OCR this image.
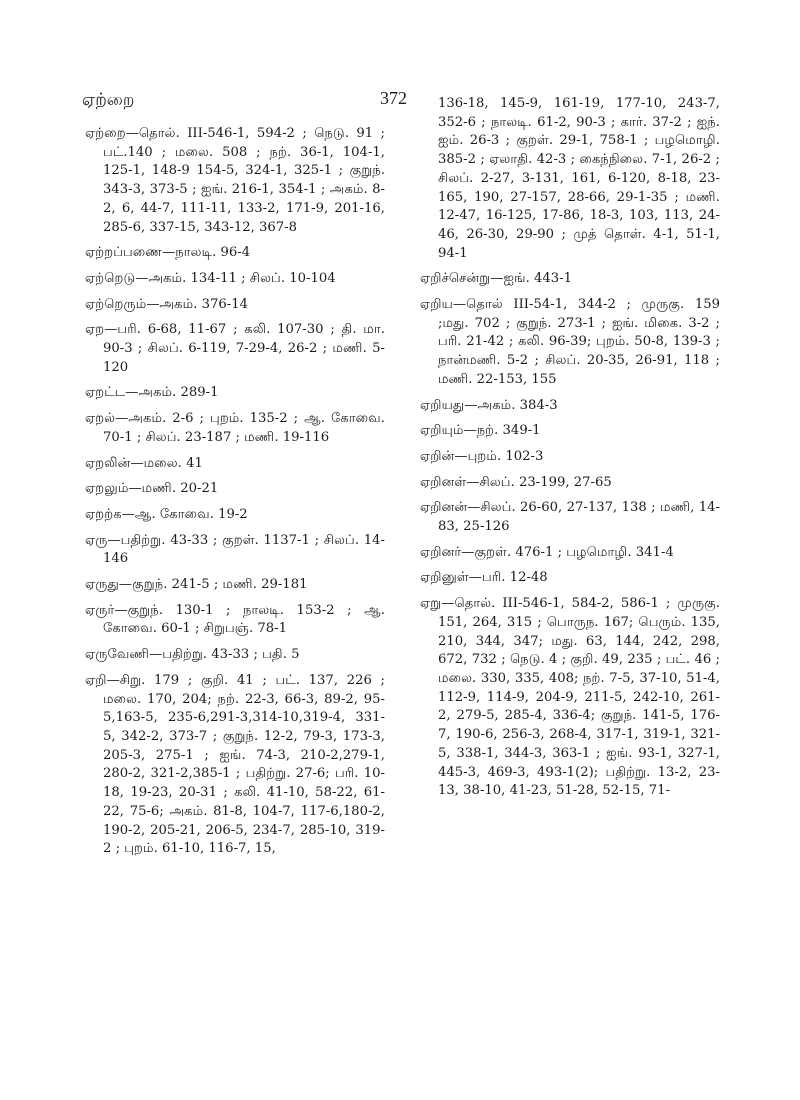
ஏற்றை	372

ஏற்றை—தொல். III-546-1, 594-2 ; நெடு. 91 ; பட்.140 ; மலை. 508 ; நற். 36-1, 104-1, 125-1, 148-9 154-5, 324-1, 325-1 ; குறுந். 343-3, 373-5 ; ஐங். 216-1, 354-1 ; அகம். 8-2, 6, 44-7, 111-11, 133-2, 171-9, 201-16, 285-6, 337-15, 343-12, 367-8

ஏற்றப்பணை—நாலடி. 96-4

ஏற்றெடு—அகம். 134-11 ; சிலப். 10-104

ஏற்றெரும்—அகம். 376-14

ஏற—பரி. 6-68, 11-67 ; கலி. 107-30 ; தி. மா. 90-3 ; சிலப். 6-119, 7-29-4, 26-2 ; மணி. 5-120

ஏறட்ட—அகம். 289-1

ஏறல்—அகம். 2-6 ; புறம். 135-2 ; ஆ. கோவை. 70-1 ; சிலப். 23-187 ; மணி. 19-116

ஏறலின்—மலை. 41

ஏறலும்—மணி. 20-21

ஏறற்க—ஆ. கோவை. 19-2

ஏரு—பதிற்று. 43-33 ; குறள். 1137-1 ; சிலப். 14-146

ஏருது—குறுந். 241-5 ; மணி. 29-181

ஏருர்—குறுந். 130-1 ; நாலடி. 153-2 ; ஆ. கோவை. 60-1 ; சிறுபஞ். 78-1

ஏருவேணி—பதிற்று. 43-33 ; பதி. 5

ஏறி—சிறு. 179 ; குறி. 41 ; பட். 137, 226 ; மலை. 170, 204; நற். 22-3, 66-3, 89-2, 95-5,163-5, 235-6,291-3,314-10,319-4, 331-5, 342-2, 373-7 ; குறுந். 12-2, 79-3, 173-3, 205-3, 275-1 ; ஐங். 74-3, 210-2,279-1, 280-2, 321-2,385-1 ; பதிற்று. 27-6; பரி. 10-18, 19-23, 20-31 ; கலி. 41-10, 58-22, 61-22, 75-6; அகம். 81-8, 104-7, 117-6,180-2, 190-2, 205-21, 206-5, 234-7, 285-10, 319-2 ; புறம். 61-10, 116-7, 15,

136-18, 145-9, 161-19, 177-10, 243-7, 352-6 ; நாலடி. 61-2, 90-3 ; கார். 37-2 ; ஐந். ஐம். 26-3 ; குறள். 29-1, 758-1 ; பழமொழி. 385-2 ; ஏலாதி. 42-3 ; கைந்நிலை. 7-1, 26-2 ; சிலப். 2-27, 3-131, 161, 6-120, 8-18, 23-165, 190, 27-157, 28-66, 29-1-35 ; மணி. 12-47, 16-125, 17-86, 18-3, 103, 113, 24-46, 26-30, 29-90 ; முத் தொள். 4-1, 51-1, 94-1

ஏறிச்சென்று—ஐங். 443-1

ஏறிய—தொல் III-54-1, 344-2 ; முருகு. 159 ;மது. 702 ; குறுந். 273-1 ; ஐங். மிகை. 3-2 ; பரி. 21-42 ; கலி. 96-39; புறம். 50-8, 139-3 ; நான்மணி. 5-2 ; சிலப். 20-35, 26-91, 118 ; மணி. 22-153, 155

ஏறியது—அகம். 384-3

ஏறியும்—நற். 349-1

ஏறின்—புறம். 102-3

ஏறினள்—சிலப். 23-199, 27-65

ஏறினன்—சிலப். 26-60, 27-137, 138 ; மணி, 14-83, 25-126

ஏறினர்—குறள். 476-1 ; பழமொழி. 341-4

ஏறினுள்—பரி. 12-48

ஏறு—தொல். III-546-1, 584-2, 586-1 ; முருகு. 151, 264, 315 ; பொருந. 167; பெரும். 135, 210, 344, 347; மது. 63, 144, 242, 298, 672, 732 ; நெடு. 4 ; குறி. 49, 235 ; பட். 46 ; மலை. 330, 335, 408; நற். 7-5, 37-10, 51-4, 112-9, 114-9, 204-9, 211-5, 242-10, 261-2, 279-5, 285-4, 336-4; குறுந். 141-5, 176-7, 190-6, 256-3, 268-4, 317-1, 319-1, 321-5, 338-1, 344-3, 363-1 ; ஐங். 93-1, 327-1, 445-3, 469-3, 493-1(2); பதிற்று. 13-2, 23-13, 38-10, 41-23, 51-28, 52-15, 71-
